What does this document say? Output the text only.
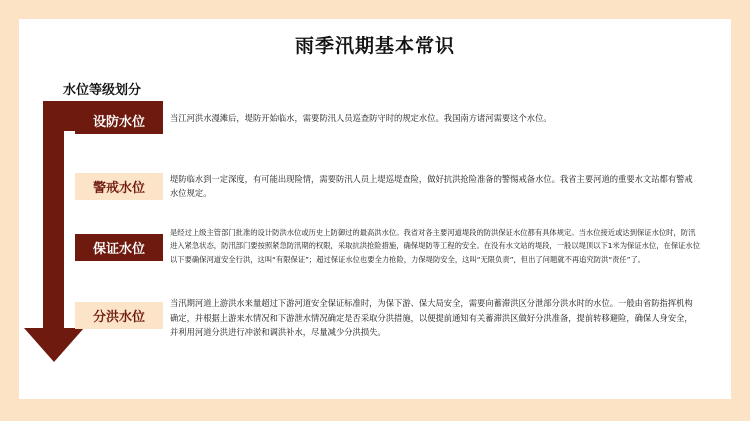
雨季汛期基本常识
水位等级划分
设防水位	当江河洪水漫滩后，堤防开始临水，需要防汛人员巡查防守时的规定水位。我国南方诸河需要这个水位。
警戒水位
堤防临水到一定深度，有可能出现险情，需要防汛人员上堤巡堤查险，做好抗洪抢险准备的警惕戒备水位。我省主要河道的重要水文站都有警戒水位规定。
保证水位
是经过上级主管部门批准的设计防洪水位或历史上防御过的最高洪水位。我省对各主要河道堤段的防洪保证水位都有具体规定。当水位接近或达到保证水位时，防汛进入紧急状态，防汛部门要按照紧急防汛期的权限，采取抗洪抢险措施，确保堤防等工程的安全。在没有水文站的堤段，一般以堤顶以下1米为保证水位，在保证水位以下要确保河道安全行洪，这叫“有限保证”；超过保证水位也要全力抢险，力保堤防安全，这叫“无限负责”，但出了问题就不再追究防洪“责任”了。
分洪水位
当汛期河道上游洪水来量超过下游河道安全保证标准时，为保下游、保大局安全，需要向蓄滞洪区分泄部分洪水时的水位。一般由省防指挥机构确定，并根据上游来水情况和下游泄水情况确定是否采取分洪措施，以便提前通知有关蓄滞洪区做好分洪准备，提前转移避险，确保人身安全，并利用河道分洪进行冲淤和调洪补水，尽量减少分洪损失。
